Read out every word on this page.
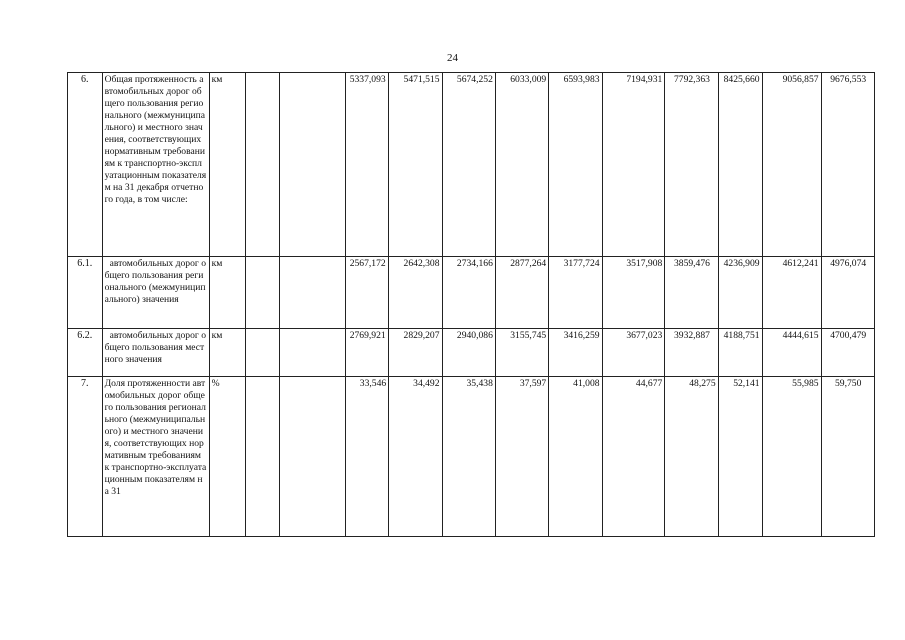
24
6.	Общая протяженность автомобильных дорог общего пользования регионального (межмуниципального) и местного значения, соответствующих нормативным требованиям к транспортно-эксплуатационным показателям на 31 декабря отчетного года, в том числе:	км			5337,093	5471,515	5674,252	6033,009	6593,983	7194,931	7792,363	8425,660	9056,857	9676,553
6.1.	автомобильных дорог общего пользования регионального (межмуниципального) значения	км			2567,172	2642,308	2734,166	2877,264	3177,724	3517,908	3859,476	4236,909	4612,241	4976,074
6.2.	автомобильных дорог общего пользования местного значения	км			2769,921	2829,207	2940,086	3155,745	3416,259	3677,023	3932,887	4188,751	4444,615	4700,479
7.	Доля протяженности автомобильных дорог общего пользования регионального (межмуниципального) и местного значения, соответствующих нормативным требованиям к транспортно-эксплуатационным показателям на 31	%			33,546	34,492	35,438	37,597	41,008	44,677	48,275	52,141	55,985	59,750
